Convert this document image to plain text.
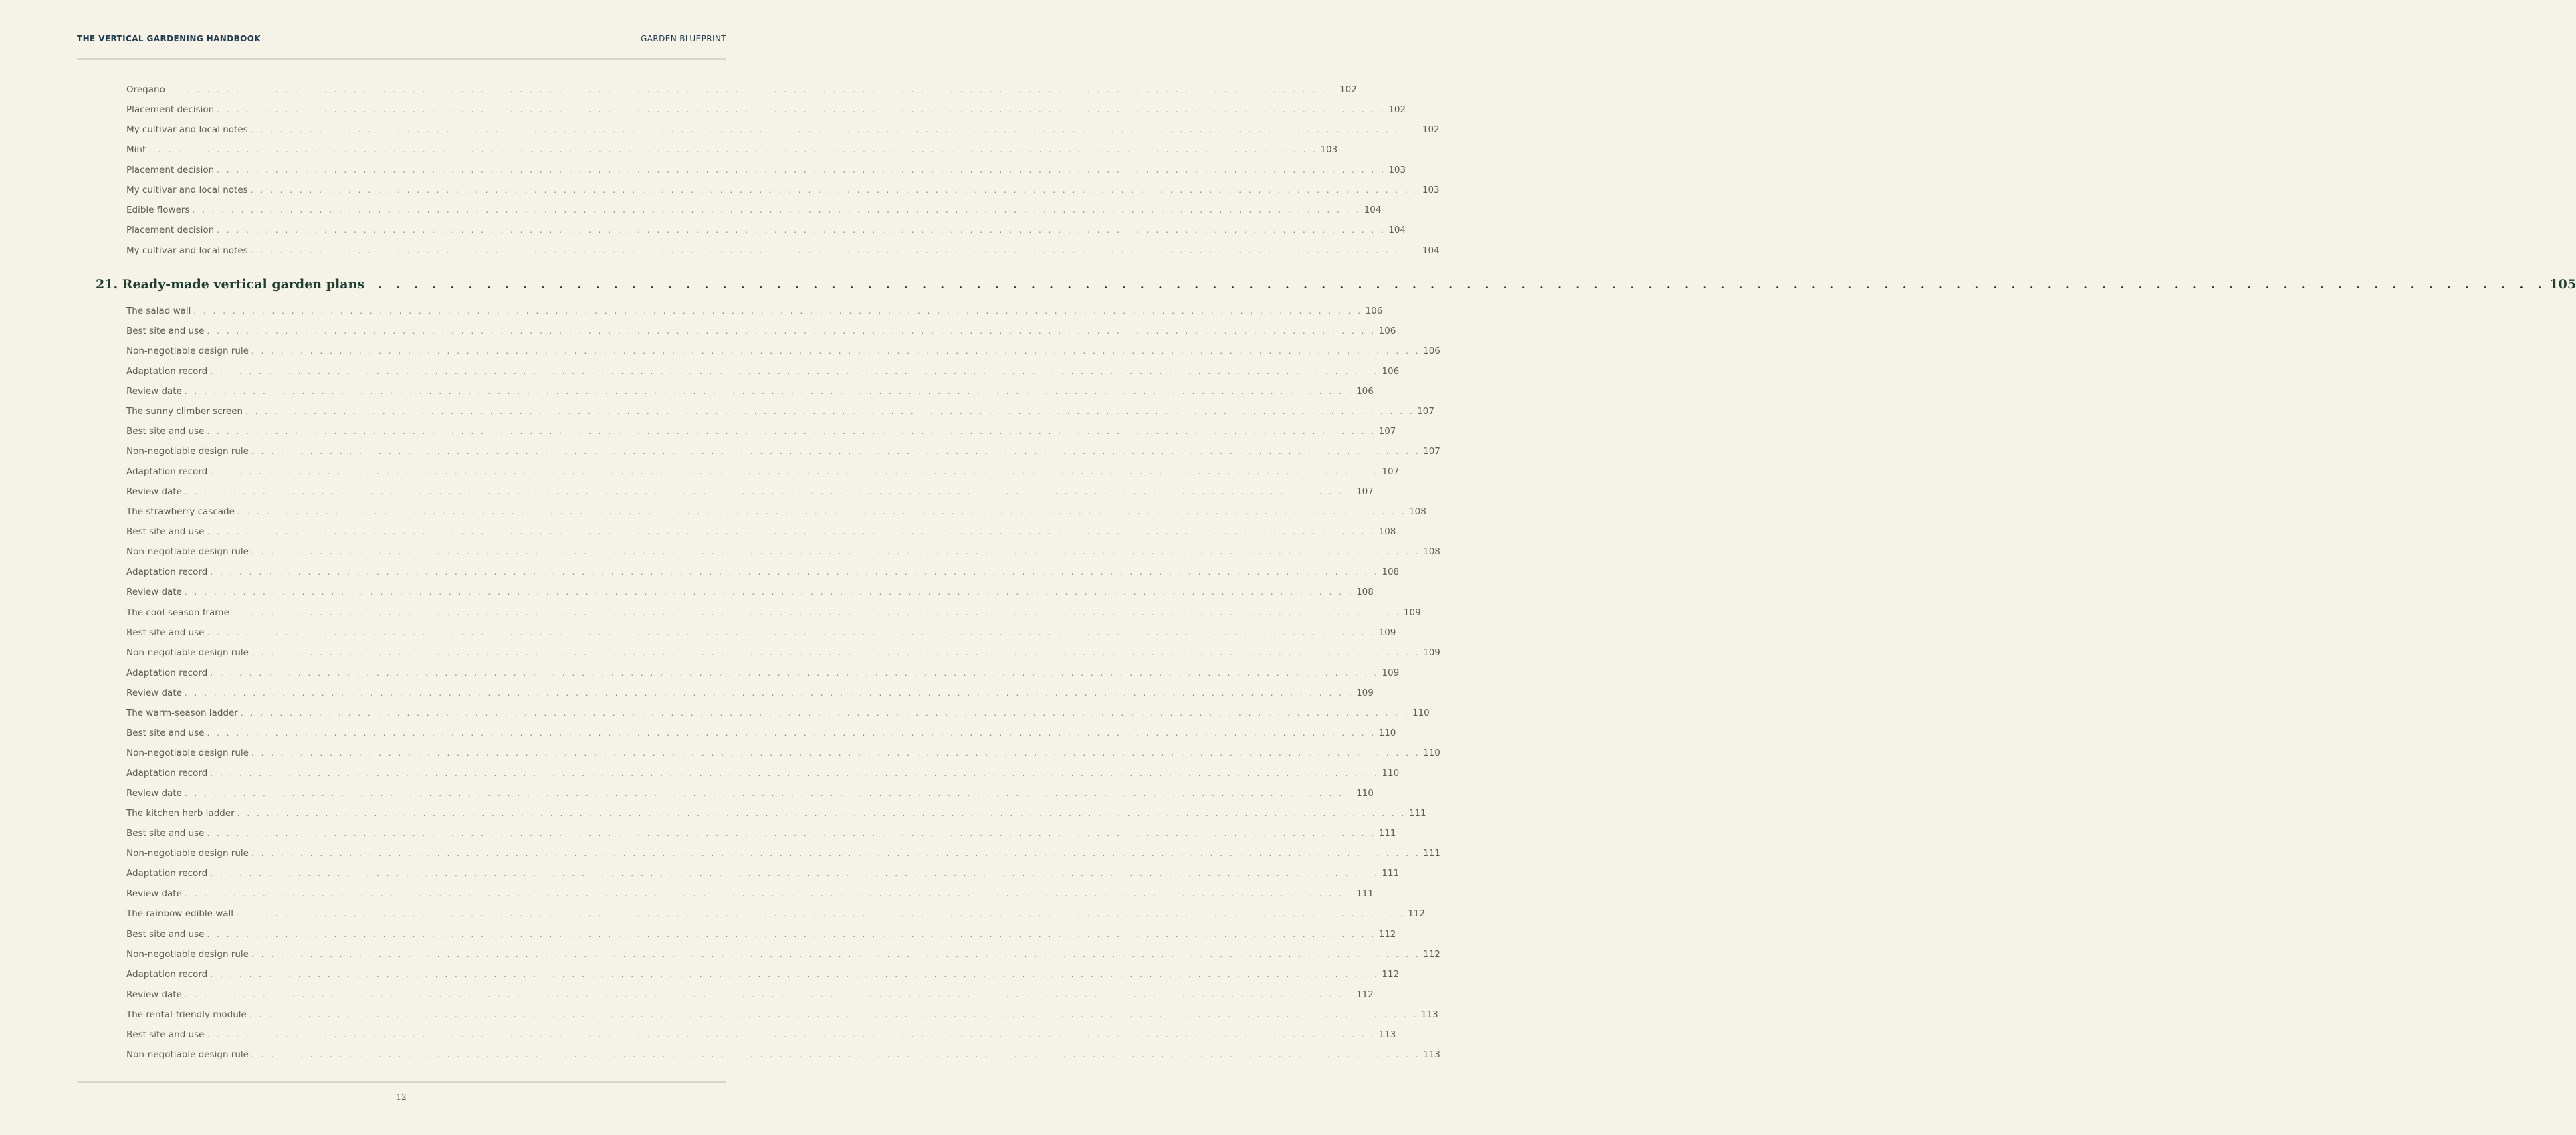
THE VERTICAL GARDENING HANDBOOK	GARDEN BLUEPRINT
Oregano . . . . . . . . . . . . . . . . . . . . . . . . . . . . . . . . . . . . . . . . . . . . . . . . . . . . . . . . . . . . . . . . . . . . . . . . . . . . . . . . . . . . . . . . . . . . . . . . . . . . . . . . . . . . . . . . . . . . . . . . 102
Placement decision . . . . . . . . . . . . . . . . . . . . . . . . . . . . . . . . . . . . . . . . . . . . . . . . . . . . . . . . . . . . . . . . . . . . . . . . . . . . . . . . . . . . . . . . . . . . . . . . . . . . . . . . . . . . . . . . . . . . . . . . 102
My cultivar and local notes . . . . . . . . . . . . . . . . . . . . . . . . . . . . . . . . . . . . . . . . . . . . . . . . . . . . . . . . . . . . . . . . . . . . . . . . . . . . . . . . . . . . . . . . . . . . . . . . . . . . . . . . . . . . . . . . . . . . . . . . 102
Mint . . . . . . . . . . . . . . . . . . . . . . . . . . . . . . . . . . . . . . . . . . . . . . . . . . . . . . . . . . . . . . . . . . . . . . . . . . . . . . . . . . . . . . . . . . . . . . . . . . . . . . . . . . . . . . . . . . . . . . . . 103
Placement decision . . . . . . . . . . . . . . . . . . . . . . . . . . . . . . . . . . . . . . . . . . . . . . . . . . . . . . . . . . . . . . . . . . . . . . . . . . . . . . . . . . . . . . . . . . . . . . . . . . . . . . . . . . . . . . . . . . . . . . . . 103
My cultivar and local notes . . . . . . . . . . . . . . . . . . . . . . . . . . . . . . . . . . . . . . . . . . . . . . . . . . . . . . . . . . . . . . . . . . . . . . . . . . . . . . . . . . . . . . . . . . . . . . . . . . . . . . . . . . . . . . . . . . . . . . . . 103
Edible flowers . . . . . . . . . . . . . . . . . . . . . . . . . . . . . . . . . . . . . . . . . . . . . . . . . . . . . . . . . . . . . . . . . . . . . . . . . . . . . . . . . . . . . . . . . . . . . . . . . . . . . . . . . . . . . . . . . . . . . . . . 104
Placement decision . . . . . . . . . . . . . . . . . . . . . . . . . . . . . . . . . . . . . . . . . . . . . . . . . . . . . . . . . . . . . . . . . . . . . . . . . . . . . . . . . . . . . . . . . . . . . . . . . . . . . . . . . . . . . . . . . . . . . . . . 104
My cultivar and local notes . . . . . . . . . . . . . . . . . . . . . . . . . . . . . . . . . . . . . . . . . . . . . . . . . . . . . . . . . . . . . . . . . . . . . . . . . . . . . . . . . . . . . . . . . . . . . . . . . . . . . . . . . . . . . . . . . . . . . . . . 104
21. Ready-made vertical garden plans	. . . . . . . . . . . . . . . . . . . . . . . . . . . . . . . . . . . . . . . . . . . . . . . . . . . . . . . . . . . . . . . . . . . . . . . . . . . . . . . . . . . . . . . . . . . . . . . . . . . . . . . . . . . . . . . . . . . . . . . . 105
The salad wall . . . . . . . . . . . . . . . . . . . . . . . . . . . . . . . . . . . . . . . . . . . . . . . . . . . . . . . . . . . . . . . . . . . . . . . . . . . . . . . . . . . . . . . . . . . . . . . . . . . . . . . . . . . . . . . . . . . . . . . . 106
Best site and use . . . . . . . . . . . . . . . . . . . . . . . . . . . . . . . . . . . . . . . . . . . . . . . . . . . . . . . . . . . . . . . . . . . . . . . . . . . . . . . . . . . . . . . . . . . . . . . . . . . . . . . . . . . . . . . . . . . . . . . . 106
Non-negotiable design rule . . . . . . . . . . . . . . . . . . . . . . . . . . . . . . . . . . . . . . . . . . . . . . . . . . . . . . . . . . . . . . . . . . . . . . . . . . . . . . . . . . . . . . . . . . . . . . . . . . . . . . . . . . . . . . . . . . . . . . . . 106
Adaptation record . . . . . . . . . . . . . . . . . . . . . . . . . . . . . . . . . . . . . . . . . . . . . . . . . . . . . . . . . . . . . . . . . . . . . . . . . . . . . . . . . . . . . . . . . . . . . . . . . . . . . . . . . . . . . . . . . . . . . . . . 106
Review date . . . . . . . . . . . . . . . . . . . . . . . . . . . . . . . . . . . . . . . . . . . . . . . . . . . . . . . . . . . . . . . . . . . . . . . . . . . . . . . . . . . . . . . . . . . . . . . . . . . . . . . . . . . . . . . . . . . . . . . . 106
The sunny climber screen . . . . . . . . . . . . . . . . . . . . . . . . . . . . . . . . . . . . . . . . . . . . . . . . . . . . . . . . . . . . . . . . . . . . . . . . . . . . . . . . . . . . . . . . . . . . . . . . . . . . . . . . . . . . . . . . . . . . . . . . 107
Best site and use . . . . . . . . . . . . . . . . . . . . . . . . . . . . . . . . . . . . . . . . . . . . . . . . . . . . . . . . . . . . . . . . . . . . . . . . . . . . . . . . . . . . . . . . . . . . . . . . . . . . . . . . . . . . . . . . . . . . . . . . 107
Non-negotiable design rule . . . . . . . . . . . . . . . . . . . . . . . . . . . . . . . . . . . . . . . . . . . . . . . . . . . . . . . . . . . . . . . . . . . . . . . . . . . . . . . . . . . . . . . . . . . . . . . . . . . . . . . . . . . . . . . . . . . . . . . . 107
Adaptation record . . . . . . . . . . . . . . . . . . . . . . . . . . . . . . . . . . . . . . . . . . . . . . . . . . . . . . . . . . . . . . . . . . . . . . . . . . . . . . . . . . . . . . . . . . . . . . . . . . . . . . . . . . . . . . . . . . . . . . . . 107
Review date . . . . . . . . . . . . . . . . . . . . . . . . . . . . . . . . . . . . . . . . . . . . . . . . . . . . . . . . . . . . . . . . . . . . . . . . . . . . . . . . . . . . . . . . . . . . . . . . . . . . . . . . . . . . . . . . . . . . . . . . 107
The strawberry cascade . . . . . . . . . . . . . . . . . . . . . . . . . . . . . . . . . . . . . . . . . . . . . . . . . . . . . . . . . . . . . . . . . . . . . . . . . . . . . . . . . . . . . . . . . . . . . . . . . . . . . . . . . . . . . . . . . . . . . . . . 108
Best site and use . . . . . . . . . . . . . . . . . . . . . . . . . . . . . . . . . . . . . . . . . . . . . . . . . . . . . . . . . . . . . . . . . . . . . . . . . . . . . . . . . . . . . . . . . . . . . . . . . . . . . . . . . . . . . . . . . . . . . . . . 108
Non-negotiable design rule . . . . . . . . . . . . . . . . . . . . . . . . . . . . . . . . . . . . . . . . . . . . . . . . . . . . . . . . . . . . . . . . . . . . . . . . . . . . . . . . . . . . . . . . . . . . . . . . . . . . . . . . . . . . . . . . . . . . . . . . 108
Adaptation record . . . . . . . . . . . . . . . . . . . . . . . . . . . . . . . . . . . . . . . . . . . . . . . . . . . . . . . . . . . . . . . . . . . . . . . . . . . . . . . . . . . . . . . . . . . . . . . . . . . . . . . . . . . . . . . . . . . . . . . . 108
Review date . . . . . . . . . . . . . . . . . . . . . . . . . . . . . . . . . . . . . . . . . . . . . . . . . . . . . . . . . . . . . . . . . . . . . . . . . . . . . . . . . . . . . . . . . . . . . . . . . . . . . . . . . . . . . . . . . . . . . . . . 108
The cool-season frame . . . . . . . . . . . . . . . . . . . . . . . . . . . . . . . . . . . . . . . . . . . . . . . . . . . . . . . . . . . . . . . . . . . . . . . . . . . . . . . . . . . . . . . . . . . . . . . . . . . . . . . . . . . . . . . . . . . . . . . . 109
Best site and use . . . . . . . . . . . . . . . . . . . . . . . . . . . . . . . . . . . . . . . . . . . . . . . . . . . . . . . . . . . . . . . . . . . . . . . . . . . . . . . . . . . . . . . . . . . . . . . . . . . . . . . . . . . . . . . . . . . . . . . . 109
Non-negotiable design rule . . . . . . . . . . . . . . . . . . . . . . . . . . . . . . . . . . . . . . . . . . . . . . . . . . . . . . . . . . . . . . . . . . . . . . . . . . . . . . . . . . . . . . . . . . . . . . . . . . . . . . . . . . . . . . . . . . . . . . . . 109
Adaptation record . . . . . . . . . . . . . . . . . . . . . . . . . . . . . . . . . . . . . . . . . . . . . . . . . . . . . . . . . . . . . . . . . . . . . . . . . . . . . . . . . . . . . . . . . . . . . . . . . . . . . . . . . . . . . . . . . . . . . . . . 109
Review date . . . . . . . . . . . . . . . . . . . . . . . . . . . . . . . . . . . . . . . . . . . . . . . . . . . . . . . . . . . . . . . . . . . . . . . . . . . . . . . . . . . . . . . . . . . . . . . . . . . . . . . . . . . . . . . . . . . . . . . . 109
The warm-season ladder . . . . . . . . . . . . . . . . . . . . . . . . . . . . . . . . . . . . . . . . . . . . . . . . . . . . . . . . . . . . . . . . . . . . . . . . . . . . . . . . . . . . . . . . . . . . . . . . . . . . . . . . . . . . . . . . . . . . . . . . 110
Best site and use . . . . . . . . . . . . . . . . . . . . . . . . . . . . . . . . . . . . . . . . . . . . . . . . . . . . . . . . . . . . . . . . . . . . . . . . . . . . . . . . . . . . . . . . . . . . . . . . . . . . . . . . . . . . . . . . . . . . . . . . 110
Non-negotiable design rule . . . . . . . . . . . . . . . . . . . . . . . . . . . . . . . . . . . . . . . . . . . . . . . . . . . . . . . . . . . . . . . . . . . . . . . . . . . . . . . . . . . . . . . . . . . . . . . . . . . . . . . . . . . . . . . . . . . . . . . . 110
Adaptation record . . . . . . . . . . . . . . . . . . . . . . . . . . . . . . . . . . . . . . . . . . . . . . . . . . . . . . . . . . . . . . . . . . . . . . . . . . . . . . . . . . . . . . . . . . . . . . . . . . . . . . . . . . . . . . . . . . . . . . . . 110
Review date . . . . . . . . . . . . . . . . . . . . . . . . . . . . . . . . . . . . . . . . . . . . . . . . . . . . . . . . . . . . . . . . . . . . . . . . . . . . . . . . . . . . . . . . . . . . . . . . . . . . . . . . . . . . . . . . . . . . . . . . 110
The kitchen herb ladder . . . . . . . . . . . . . . . . . . . . . . . . . . . . . . . . . . . . . . . . . . . . . . . . . . . . . . . . . . . . . . . . . . . . . . . . . . . . . . . . . . . . . . . . . . . . . . . . . . . . . . . . . . . . . . . . . . . . . . . . 111
Best site and use . . . . . . . . . . . . . . . . . . . . . . . . . . . . . . . . . . . . . . . . . . . . . . . . . . . . . . . . . . . . . . . . . . . . . . . . . . . . . . . . . . . . . . . . . . . . . . . . . . . . . . . . . . . . . . . . . . . . . . . . 111
Non-negotiable design rule . . . . . . . . . . . . . . . . . . . . . . . . . . . . . . . . . . . . . . . . . . . . . . . . . . . . . . . . . . . . . . . . . . . . . . . . . . . . . . . . . . . . . . . . . . . . . . . . . . . . . . . . . . . . . . . . . . . . . . . . 111
Adaptation record . . . . . . . . . . . . . . . . . . . . . . . . . . . . . . . . . . . . . . . . . . . . . . . . . . . . . . . . . . . . . . . . . . . . . . . . . . . . . . . . . . . . . . . . . . . . . . . . . . . . . . . . . . . . . . . . . . . . . . . . 111
Review date . . . . . . . . . . . . . . . . . . . . . . . . . . . . . . . . . . . . . . . . . . . . . . . . . . . . . . . . . . . . . . . . . . . . . . . . . . . . . . . . . . . . . . . . . . . . . . . . . . . . . . . . . . . . . . . . . . . . . . . . 111
The rainbow edible wall . . . . . . . . . . . . . . . . . . . . . . . . . . . . . . . . . . . . . . . . . . . . . . . . . . . . . . . . . . . . . . . . . . . . . . . . . . . . . . . . . . . . . . . . . . . . . . . . . . . . . . . . . . . . . . . . . . . . . . . . 112
Best site and use . . . . . . . . . . . . . . . . . . . . . . . . . . . . . . . . . . . . . . . . . . . . . . . . . . . . . . . . . . . . . . . . . . . . . . . . . . . . . . . . . . . . . . . . . . . . . . . . . . . . . . . . . . . . . . . . . . . . . . . . 112
Non-negotiable design rule . . . . . . . . . . . . . . . . . . . . . . . . . . . . . . . . . . . . . . . . . . . . . . . . . . . . . . . . . . . . . . . . . . . . . . . . . . . . . . . . . . . . . . . . . . . . . . . . . . . . . . . . . . . . . . . . . . . . . . . . 112
Adaptation record . . . . . . . . . . . . . . . . . . . . . . . . . . . . . . . . . . . . . . . . . . . . . . . . . . . . . . . . . . . . . . . . . . . . . . . . . . . . . . . . . . . . . . . . . . . . . . . . . . . . . . . . . . . . . . . . . . . . . . . . 112
Review date . . . . . . . . . . . . . . . . . . . . . . . . . . . . . . . . . . . . . . . . . . . . . . . . . . . . . . . . . . . . . . . . . . . . . . . . . . . . . . . . . . . . . . . . . . . . . . . . . . . . . . . . . . . . . . . . . . . . . . . . 112
The rental-friendly module . . . . . . . . . . . . . . . . . . . . . . . . . . . . . . . . . . . . . . . . . . . . . . . . . . . . . . . . . . . . . . . . . . . . . . . . . . . . . . . . . . . . . . . . . . . . . . . . . . . . . . . . . . . . . . . . . . . . . . . . 113
Best site and use . . . . . . . . . . . . . . . . . . . . . . . . . . . . . . . . . . . . . . . . . . . . . . . . . . . . . . . . . . . . . . . . . . . . . . . . . . . . . . . . . . . . . . . . . . . . . . . . . . . . . . . . . . . . . . . . . . . . . . . . 113
Non-negotiable design rule . . . . . . . . . . . . . . . . . . . . . . . . . . . . . . . . . . . . . . . . . . . . . . . . . . . . . . . . . . . . . . . . . . . . . . . . . . . . . . . . . . . . . . . . . . . . . . . . . . . . . . . . . . . . . . . . . . . . . . . . 113
12
